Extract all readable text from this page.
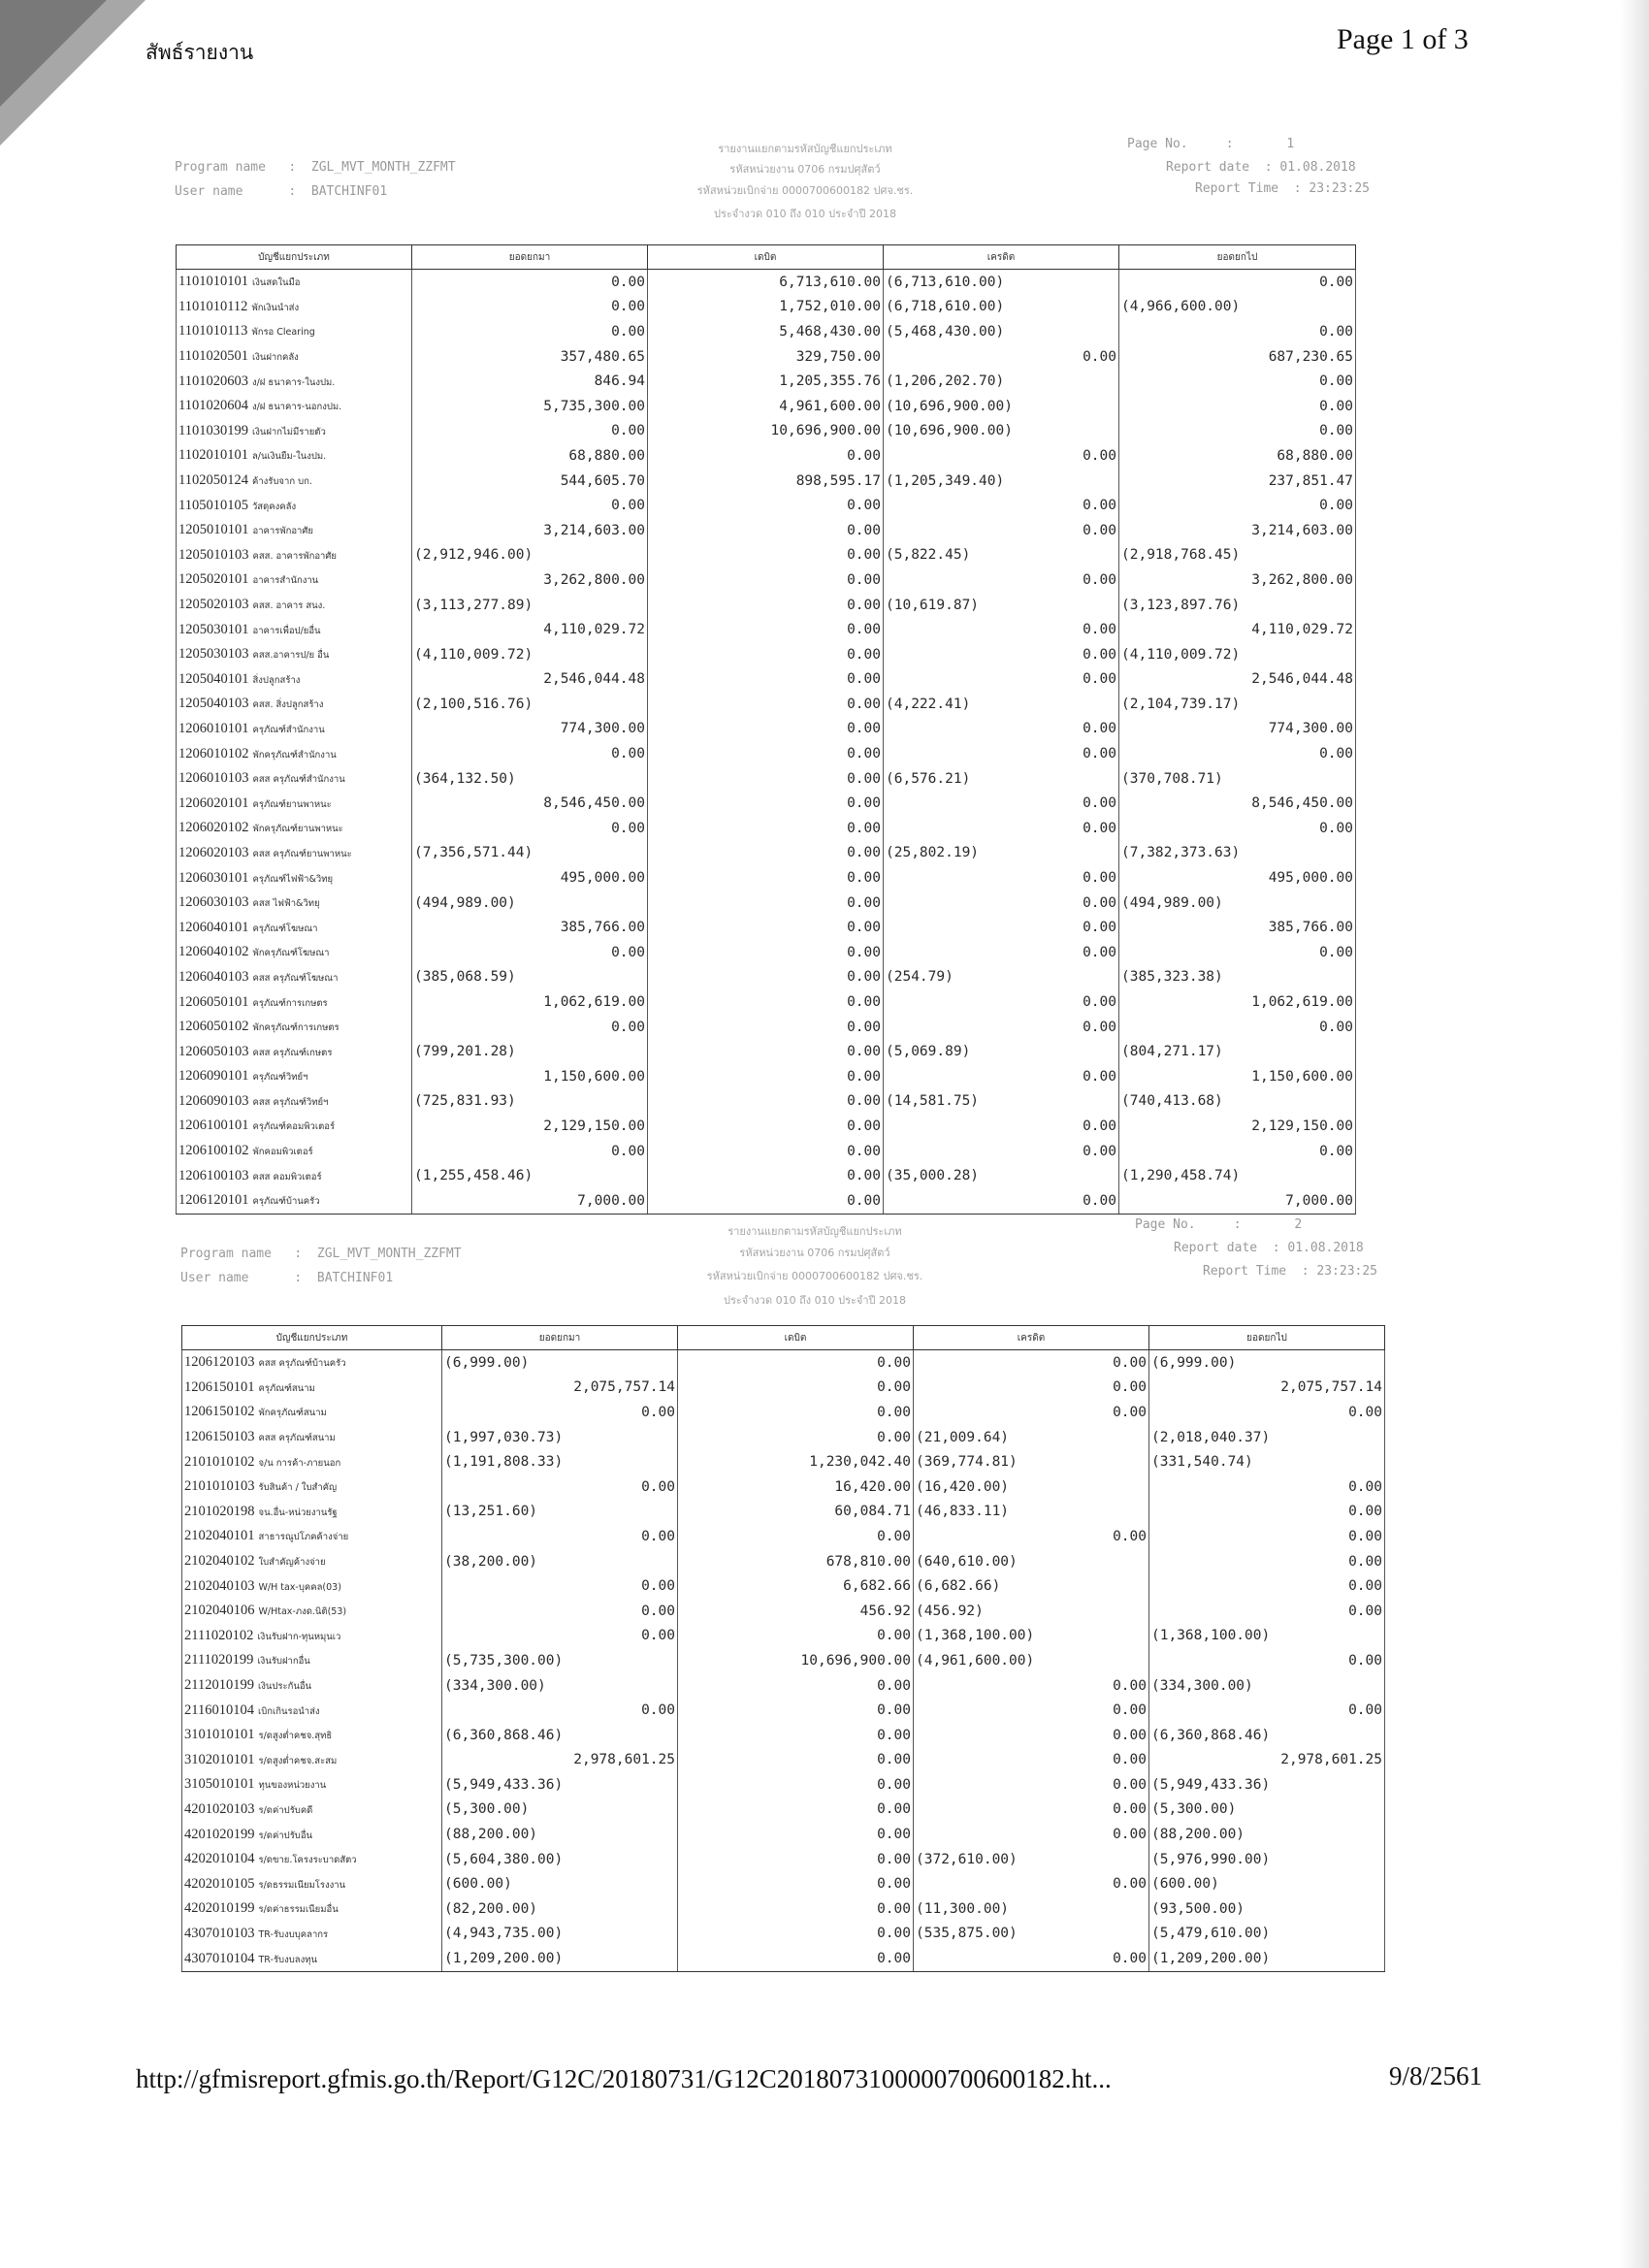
สัพธ์รายงาน	Page 1 of 3
Program name   :  ZGL_MVT_MONTH_ZZFMT
User name      :  BATCHINF01
รายงานแยกตามรหัสบัญชีแยกประเภท
รหัสหน่วยงาน 0706 กรมปศุสัตว์
รหัสหน่วยเบิกจ่าย 0000700600182 ปศจ.ชร.
ประจำงวด 010 ถึง 010 ประจำปี 2018
Page No.     :       1
Report date  : 01.08.2018
Report Time  : 23:23:25
บัญชีแยกประเภท	ยอดยกมา	เดบิต	เครดิต	ยอดยกไป
1101010101 เงินสดในมือ	0.00	6,713,610.00	(6,713,610.00)	0.00
1101010112 พักเงินนำส่ง	0.00	1,752,010.00	(6,718,610.00)	(4,966,600.00)
1101010113 พักรอ Clearing	0.00	5,468,430.00	(5,468,430.00)	0.00
1101020501 เงินฝากคลัง	357,480.65	329,750.00	0.00	687,230.65
1101020603 ง/ฝ ธนาคาร-ในงปม.	846.94	1,205,355.76	(1,206,202.70)	0.00
1101020604 ง/ฝ ธนาคาร-นอกงปม.	5,735,300.00	4,961,600.00	(10,696,900.00)	0.00
1101030199 เงินฝากไม่มีรายตัว	0.00	10,696,900.00	(10,696,900.00)	0.00
1102010101 ล/นเงินยืม-ในงปม.	68,880.00	0.00	0.00	68,880.00
1102050124 ค้างรับจาก บก.	544,605.70	898,595.17	(1,205,349.40)	237,851.47
1105010105 วัสดุคงคลัง	0.00	0.00	0.00	0.00
1205010101 อาคารพักอาศัย	3,214,603.00	0.00	0.00	3,214,603.00
1205010103 คสส. อาคารพักอาศัย	(2,912,946.00)	0.00	(5,822.45)	(2,918,768.45)
1205020101 อาคารสำนักงาน	3,262,800.00	0.00	0.00	3,262,800.00
1205020103 คสส. อาคาร สนง.	(3,113,277.89)	0.00	(10,619.87)	(3,123,897.76)
1205030101 อาคารเพื่อป/ยอื่น	4,110,029.72	0.00	0.00	4,110,029.72
1205030103 คสส.อาคารป/ย อื่น	(4,110,009.72)	0.00	0.00	(4,110,009.72)
1205040101 สิ่งปลูกสร้าง	2,546,044.48	0.00	0.00	2,546,044.48
1205040103 คสส. สิ่งปลูกสร้าง	(2,100,516.76)	0.00	(4,222.41)	(2,104,739.17)
1206010101 ครุภัณฑ์สำนักงาน	774,300.00	0.00	0.00	774,300.00
1206010102 พักครุภัณฑ์สำนักงาน	0.00	0.00	0.00	0.00
1206010103 คสส ครุภัณฑ์สำนักงาน	(364,132.50)	0.00	(6,576.21)	(370,708.71)
1206020101 ครุภัณฑ์ยานพาหนะ	8,546,450.00	0.00	0.00	8,546,450.00
1206020102 พักครุภัณฑ์ยานพาหนะ	0.00	0.00	0.00	0.00
1206020103 คสส ครุภัณฑ์ยานพาหนะ	(7,356,571.44)	0.00	(25,802.19)	(7,382,373.63)
1206030101 ครุภัณฑ์ไฟฟ้า&วิทยุ	495,000.00	0.00	0.00	495,000.00
1206030103 คสส ไฟฟ้า&วิทยุ	(494,989.00)	0.00	0.00	(494,989.00)
1206040101 ครุภัณฑ์โฆษณา	385,766.00	0.00	0.00	385,766.00
1206040102 พักครุภัณฑ์โฆษณา	0.00	0.00	0.00	0.00
1206040103 คสส ครุภัณฑ์โฆษณา	(385,068.59)	0.00	(254.79)	(385,323.38)
1206050101 ครุภัณฑ์การเกษตร	1,062,619.00	0.00	0.00	1,062,619.00
1206050102 พักครุภัณฑ์การเกษตร	0.00	0.00	0.00	0.00
1206050103 คสส ครุภัณฑ์เกษตร	(799,201.28)	0.00	(5,069.89)	(804,271.17)
1206090101 ครุภัณฑ์วิทย์ฯ	1,150,600.00	0.00	0.00	1,150,600.00
1206090103 คสส ครุภัณฑ์วิทย์ฯ	(725,831.93)	0.00	(14,581.75)	(740,413.68)
1206100101 ครุภัณฑ์คอมพิวเตอร์	2,129,150.00	0.00	0.00	2,129,150.00
1206100102 พักคอมพิวเตอร์	0.00	0.00	0.00	0.00
1206100103 คสส คอมพิวเตอร์	(1,255,458.46)	0.00	(35,000.28)	(1,290,458.74)
1206120101 ครุภัณฑ์บ้านครัว	7,000.00	0.00	0.00	7,000.00
Program name   :  ZGL_MVT_MONTH_ZZFMT
User name      :  BATCHINF01
รายงานแยกตามรหัสบัญชีแยกประเภท
รหัสหน่วยงาน 0706 กรมปศุสัตว์
รหัสหน่วยเบิกจ่าย 0000700600182 ปศจ.ชร.
ประจำงวด 010 ถึง 010 ประจำปี 2018
Page No.     :       2
Report date  : 01.08.2018
Report Time  : 23:23:25
บัญชีแยกประเภท	ยอดยกมา	เดบิต	เครดิต	ยอดยกไป
1206120103 คสส ครุภัณฑ์บ้านครัว	(6,999.00)	0.00	0.00	(6,999.00)
1206150101 ครุภัณฑ์สนาม	2,075,757.14	0.00	0.00	2,075,757.14
1206150102 พักครุภัณฑ์สนาม	0.00	0.00	0.00	0.00
1206150103 คสส ครุภัณฑ์สนาม	(1,997,030.73)	0.00	(21,009.64)	(2,018,040.37)
2101010102 จ/น การค้า-ภายนอก	(1,191,808.33)	1,230,042.40	(369,774.81)	(331,540.74)
2101010103 รับสินค้า / ใบสำคัญ	0.00	16,420.00	(16,420.00)	0.00
2101020198 จน.อื่น-หน่วยงานรัฐ	(13,251.60)	60,084.71	(46,833.11)	0.00
2102040101 สาธารณูปโภคค้างจ่าย	0.00	0.00	0.00	0.00
2102040102 ใบสำคัญค้างจ่าย	(38,200.00)	678,810.00	(640,610.00)	0.00
2102040103 W/H tax-บุคคล(03)	0.00	6,682.66	(6,682.66)	0.00
2102040106 W/Htax-ภงด.นิติ(53)	0.00	456.92	(456.92)	0.00
2111020102 เงินรับฝาก-ทุนหมุนเว	0.00	0.00	(1,368,100.00)	(1,368,100.00)
2111020199 เงินรับฝากอื่น	(5,735,300.00)	10,696,900.00	(4,961,600.00)	0.00
2112010199 เงินประกันอื่น	(334,300.00)	0.00	0.00	(334,300.00)
2116010104 เบิกเกินรอนำส่ง	0.00	0.00	0.00	0.00
3101010101 ร/ดสูงต่ำคชจ.สุทธิ	(6,360,868.46)	0.00	0.00	(6,360,868.46)
3102010101 ร/ดสูงต่ำคชจ.สะสม	2,978,601.25	0.00	0.00	2,978,601.25
3105010101 ทุนของหน่วยงาน	(5,949,433.36)	0.00	0.00	(5,949,433.36)
4201020103 ร/ดค่าปรับคดี	(5,300.00)	0.00	0.00	(5,300.00)
4201020199 ร/ดค่าปรับอื่น	(88,200.00)	0.00	0.00	(88,200.00)
4202010104 ร/ดขาย.โครงระบาดสัตว	(5,604,380.00)	0.00	(372,610.00)	(5,976,990.00)
4202010105 ร/ดธรรมเนียมโรงงาน	(600.00)	0.00	0.00	(600.00)
4202010199 ร/ดค่าธรรมเนียมอื่น	(82,200.00)	0.00	(11,300.00)	(93,500.00)
4307010103 TR-รับงบบุคลากร	(4,943,735.00)	0.00	(535,875.00)	(5,479,610.00)
4307010104 TR-รับงบลงทุน	(1,209,200.00)	0.00	0.00	(1,209,200.00)
http://gfmisreport.gfmis.go.th/Report/G12C/20180731/G12C2018073100000700600182.ht...	9/8/2561
